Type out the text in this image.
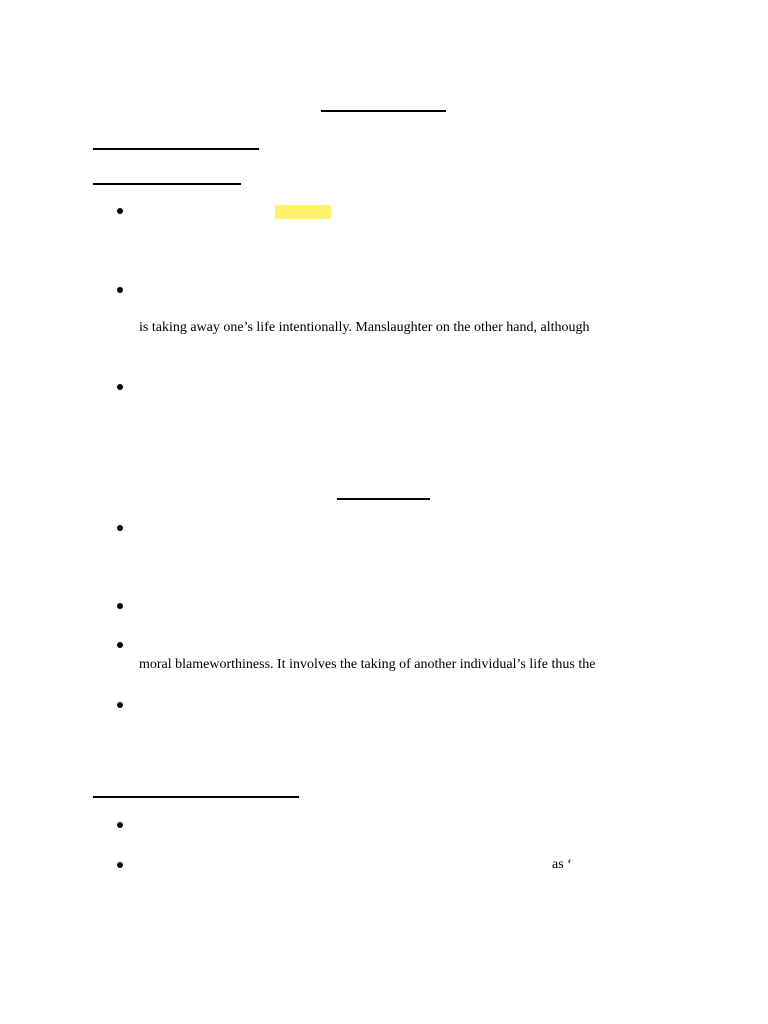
is taking away one’s life intentionally. Manslaughter on the other hand, although
moral blameworthiness. It involves the taking of another individual’s life thus the
as ‘
